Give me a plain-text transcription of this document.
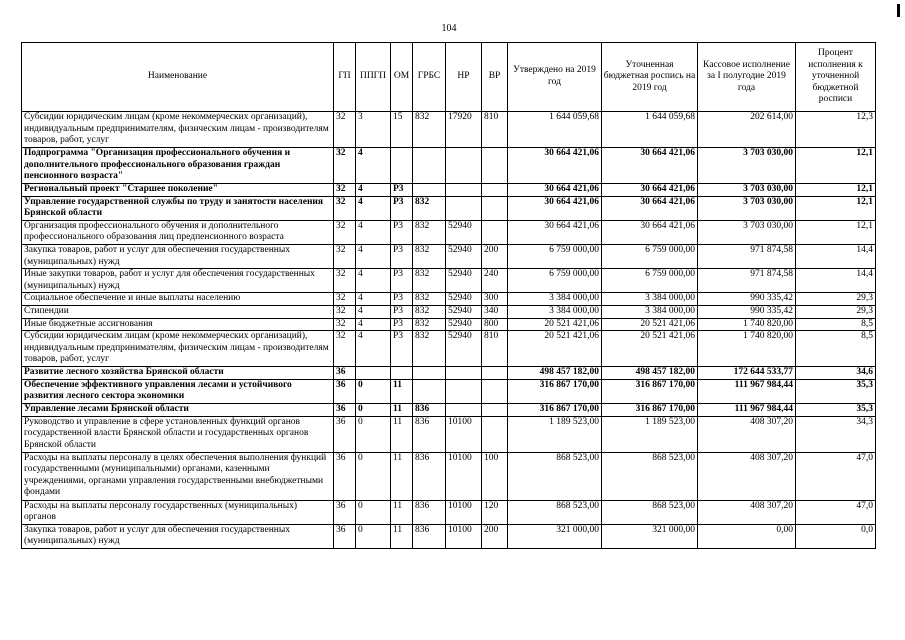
104
Наименование	ГП	ППГП	ОМ	ГРБС	НР	ВР	Утверждено на 2019 год	Уточненная бюджетная роспись на 2019 год	Кассовое исполнение за I полугодие 2019 года	Процент исполнения к уточненной бюджетной росписи
Субсидии юридическим лицам (кроме некоммерческих организаций), индивидуальным предпринимателям, физическим лицам - производителям товаров, работ, услуг	32	3	15	832	17920	810	1 644 059,68	1 644 059,68	202 614,00	12,3
Подпрограмма "Организация профессионального обучения и дополнительного профессионального образования граждан пенсионного возраста"	32	4					30 664 421,06	30 664 421,06	3 703 030,00	12,1
Региональный проект "Старшее поколение"	32	4	P3				30 664 421,06	30 664 421,06	3 703 030,00	12,1
Управление государственной службы по труду и занятости населения Брянской области	32	4	P3	832			30 664 421,06	30 664 421,06	3 703 030,00	12,1
Организация профессионального обучения и дополнительного профессионального образования лиц предпенсионного возраста	32	4	P3	832	52940		30 664 421,06	30 664 421,06	3 703 030,00	12,1
Закупка товаров, работ и услуг для обеспечения государственных (муниципальных) нужд	32	4	P3	832	52940	200	6 759 000,00	6 759 000,00	971 874,58	14,4
Иные закупки товаров, работ и услуг для обеспечения государственных (муниципальных) нужд	32	4	P3	832	52940	240	6 759 000,00	6 759 000,00	971 874,58	14,4
Социальное обеспечение и иные выплаты населению	32	4	P3	832	52940	300	3 384 000,00	3 384 000,00	990 335,42	29,3
Стипендии	32	4	P3	832	52940	340	3 384 000,00	3 384 000,00	990 335,42	29,3
Иные бюджетные ассигнования	32	4	P3	832	52940	800	20 521 421,06	20 521 421,06	1 740 820,00	8,5
Субсидии юридическим лицам (кроме некоммерческих организаций), индивидуальным предпринимателям, физическим лицам - производителям товаров, работ, услуг	32	4	P3	832	52940	810	20 521 421,06	20 521 421,06	1 740 820,00	8,5
Развитие лесного хозяйства Брянской области	36						498 457 182,00	498 457 182,00	172 644 533,77	34,6
Обеспечение эффективного управления лесами и устойчивого развития лесного сектора экономики	36	0	11				316 867 170,00	316 867 170,00	111 967 984,44	35,3
Управление лесами Брянской области	36	0	11	836			316 867 170,00	316 867 170,00	111 967 984,44	35,3
Руководство и управление в сфере установленных функций органов государственной власти Брянской области и государственных органов Брянской области	36	0	11	836	10100		1 189 523,00	1 189 523,00	408 307,20	34,3
Расходы на выплаты персоналу в целях обеспечения выполнения функций государственными (муниципальными) органами, казенными учреждениями, органами управления государственными внебюджетными фондами	36	0	11	836	10100	100	868 523,00	868 523,00	408 307,20	47,0
Расходы на выплаты персоналу государственных (муниципальных) органов	36	0	11	836	10100	120	868 523,00	868 523,00	408 307,20	47,0
Закупка товаров, работ и услуг для обеспечения государственных (муниципальных) нужд	36	0	11	836	10100	200	321 000,00	321 000,00	0,00	0,0
